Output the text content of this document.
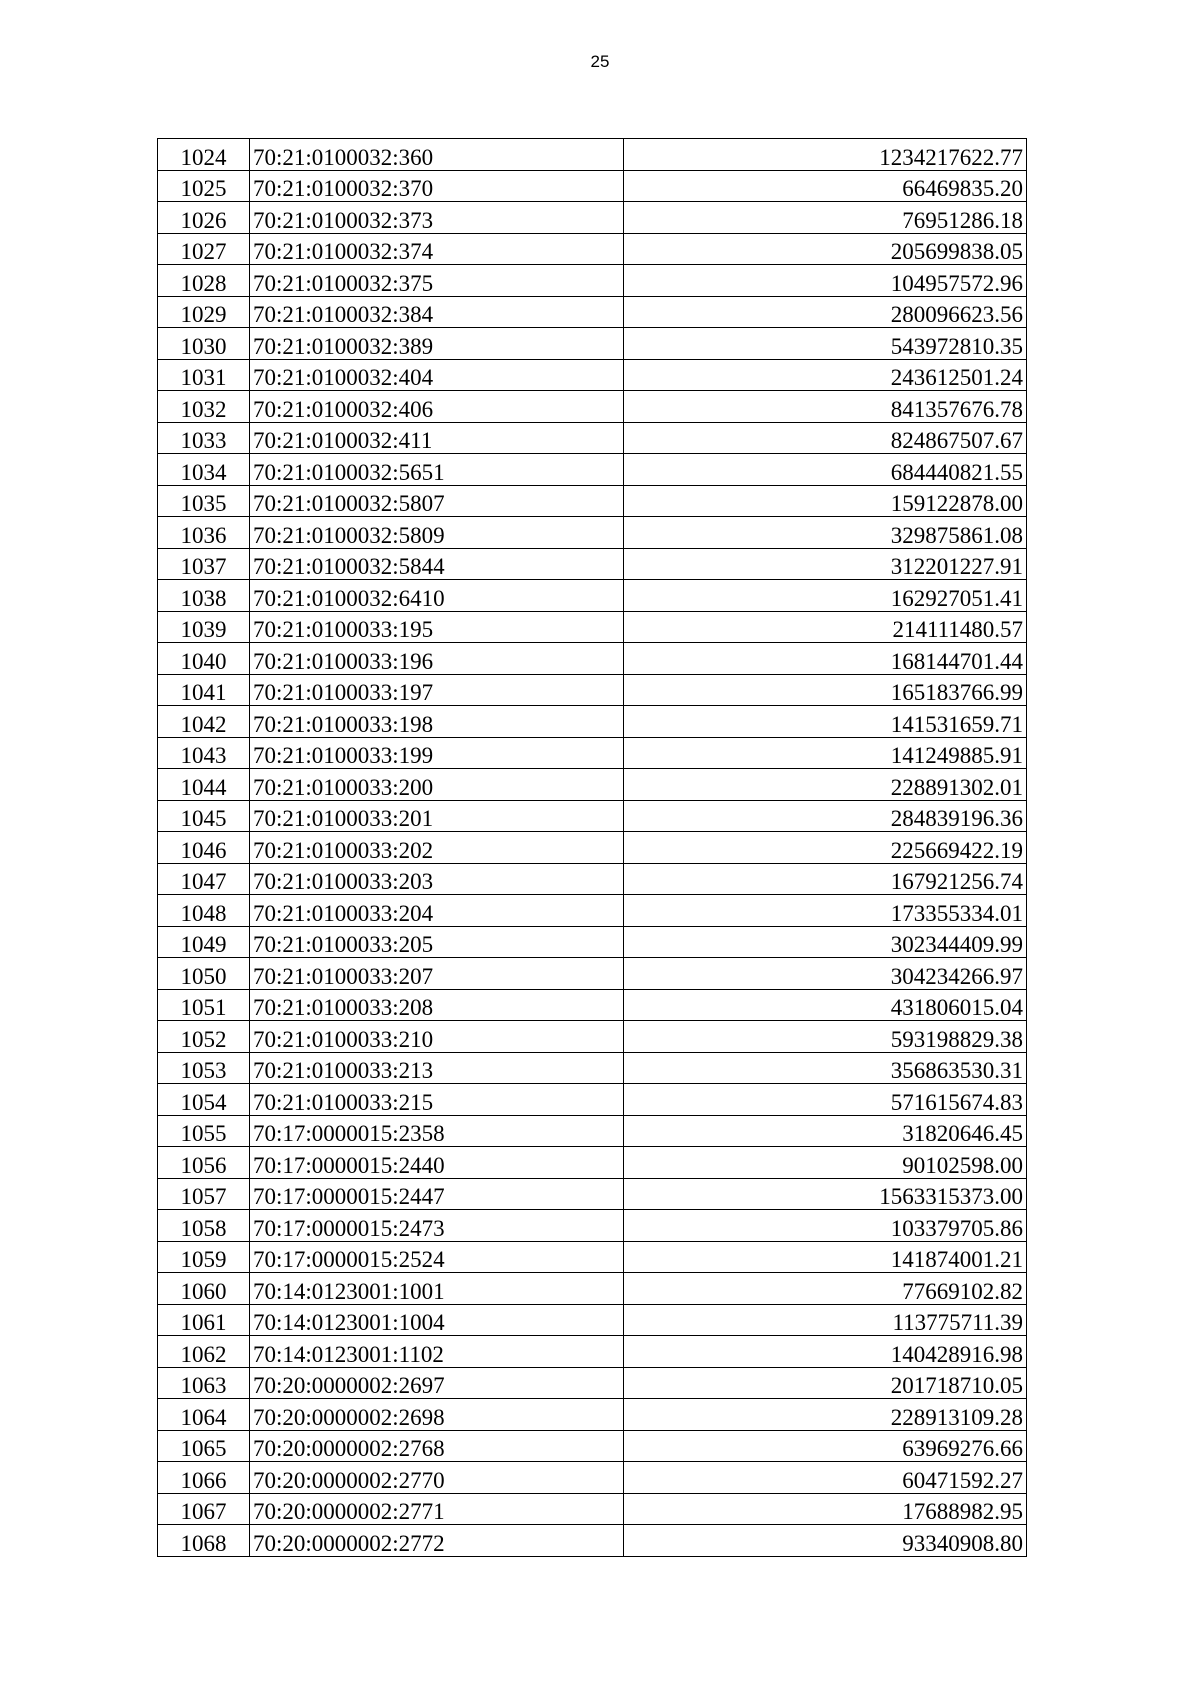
25
1024	70:21:0100032:360	1234217622.77
1025	70:21:0100032:370	66469835.20
1026	70:21:0100032:373	76951286.18
1027	70:21:0100032:374	205699838.05
1028	70:21:0100032:375	104957572.96
1029	70:21:0100032:384	280096623.56
1030	70:21:0100032:389	543972810.35
1031	70:21:0100032:404	243612501.24
1032	70:21:0100032:406	841357676.78
1033	70:21:0100032:411	824867507.67
1034	70:21:0100032:5651	684440821.55
1035	70:21:0100032:5807	159122878.00
1036	70:21:0100032:5809	329875861.08
1037	70:21:0100032:5844	312201227.91
1038	70:21:0100032:6410	162927051.41
1039	70:21:0100033:195	214111480.57
1040	70:21:0100033:196	168144701.44
1041	70:21:0100033:197	165183766.99
1042	70:21:0100033:198	141531659.71
1043	70:21:0100033:199	141249885.91
1044	70:21:0100033:200	228891302.01
1045	70:21:0100033:201	284839196.36
1046	70:21:0100033:202	225669422.19
1047	70:21:0100033:203	167921256.74
1048	70:21:0100033:204	173355334.01
1049	70:21:0100033:205	302344409.99
1050	70:21:0100033:207	304234266.97
1051	70:21:0100033:208	431806015.04
1052	70:21:0100033:210	593198829.38
1053	70:21:0100033:213	356863530.31
1054	70:21:0100033:215	571615674.83
1055	70:17:0000015:2358	31820646.45
1056	70:17:0000015:2440	90102598.00
1057	70:17:0000015:2447	1563315373.00
1058	70:17:0000015:2473	103379705.86
1059	70:17:0000015:2524	141874001.21
1060	70:14:0123001:1001	77669102.82
1061	70:14:0123001:1004	113775711.39
1062	70:14:0123001:1102	140428916.98
1063	70:20:0000002:2697	201718710.05
1064	70:20:0000002:2698	228913109.28
1065	70:20:0000002:2768	63969276.66
1066	70:20:0000002:2770	60471592.27
1067	70:20:0000002:2771	17688982.95
1068	70:20:0000002:2772	93340908.80
